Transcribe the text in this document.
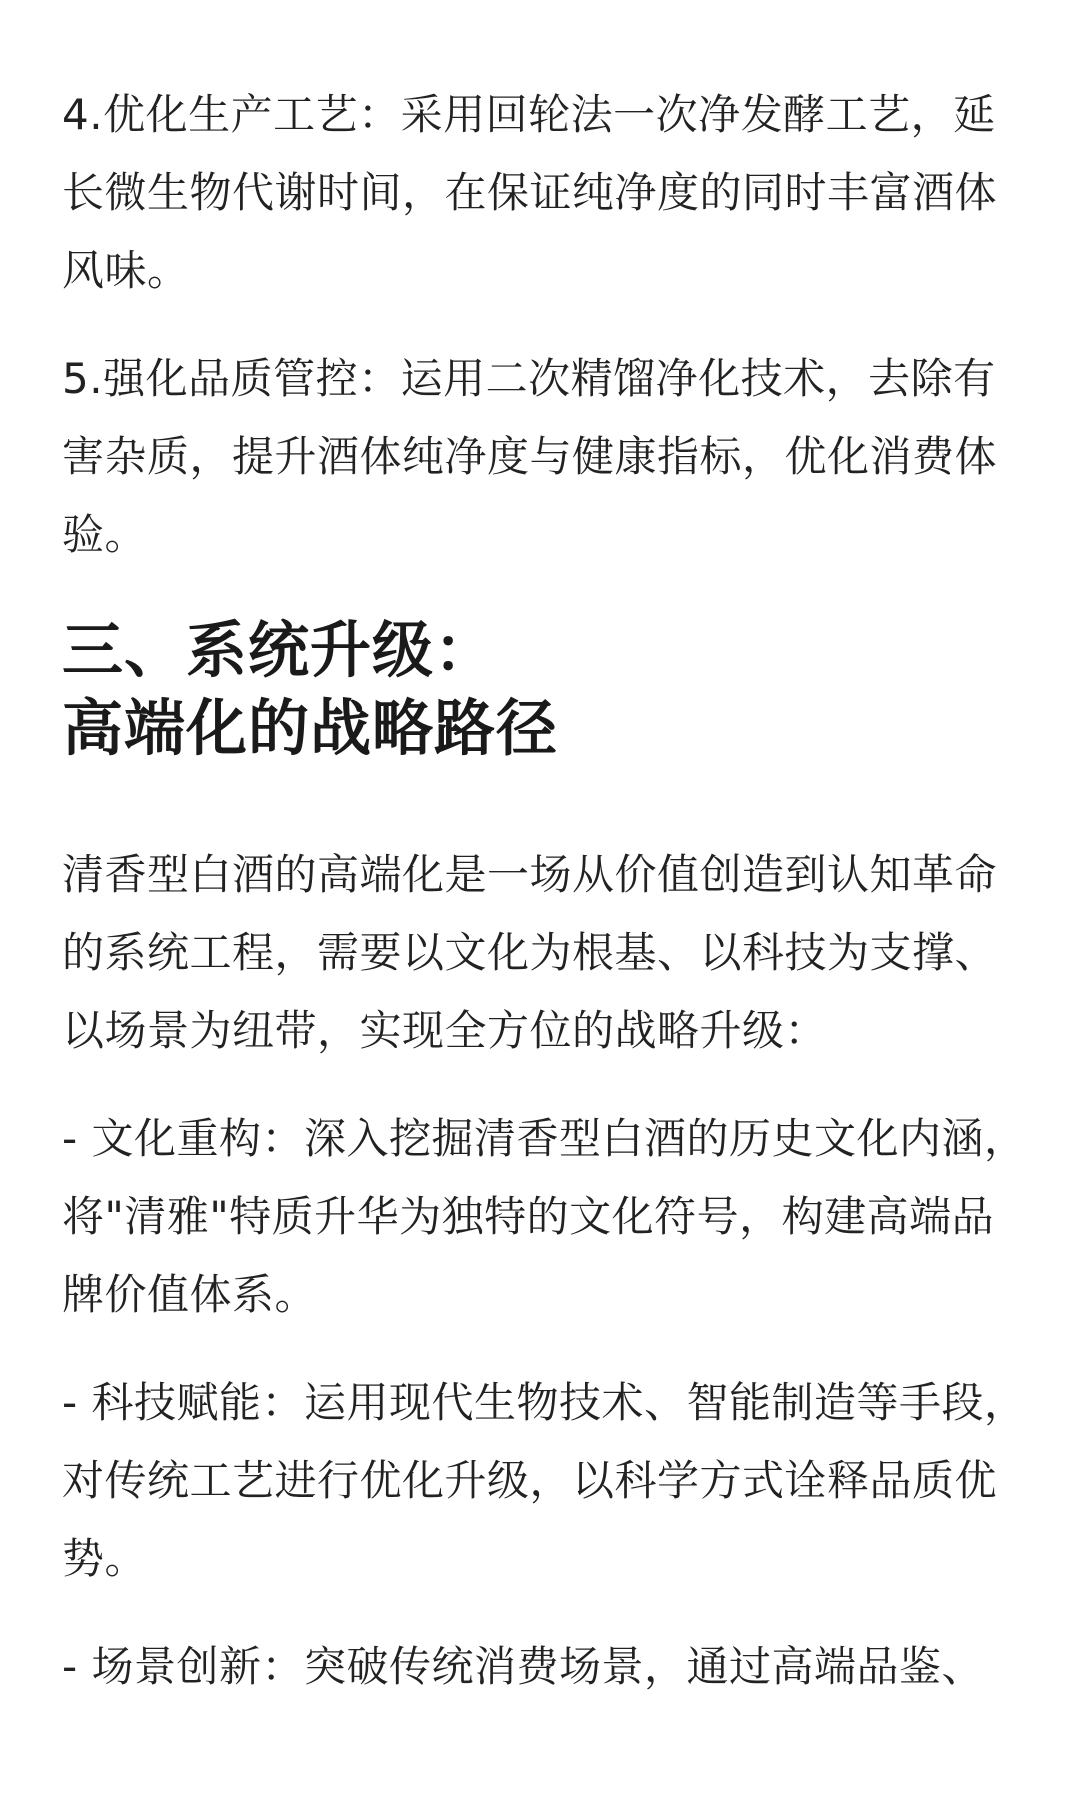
4.优化生产工艺：采用回轮法一次净发酵工艺，延长微生物代谢时间，在保证纯净度的同时丰富酒体风味。

5.强化品质管控：运用二次精馏净化技术，去除有害杂质，提升酒体纯净度与健康指标，优化消费体验。

三、系统升级：
高端化的战略路径

清香型白酒的高端化是一场从价值创造到认知革命的系统工程，需要以文化为根基、以科技为支撑、以场景为纽带，实现全方位的战略升级：

- 文化重构：深入挖掘清香型白酒的历史文化内涵，将"清雅"特质升华为独特的文化符号，构建高端品牌价值体系。

- 科技赋能：运用现代生物技术、智能制造等手段，对传统工艺进行优化升级，以科学方式诠释品质优势。

- 场景创新：突破传统消费场景，通过高端品鉴、
